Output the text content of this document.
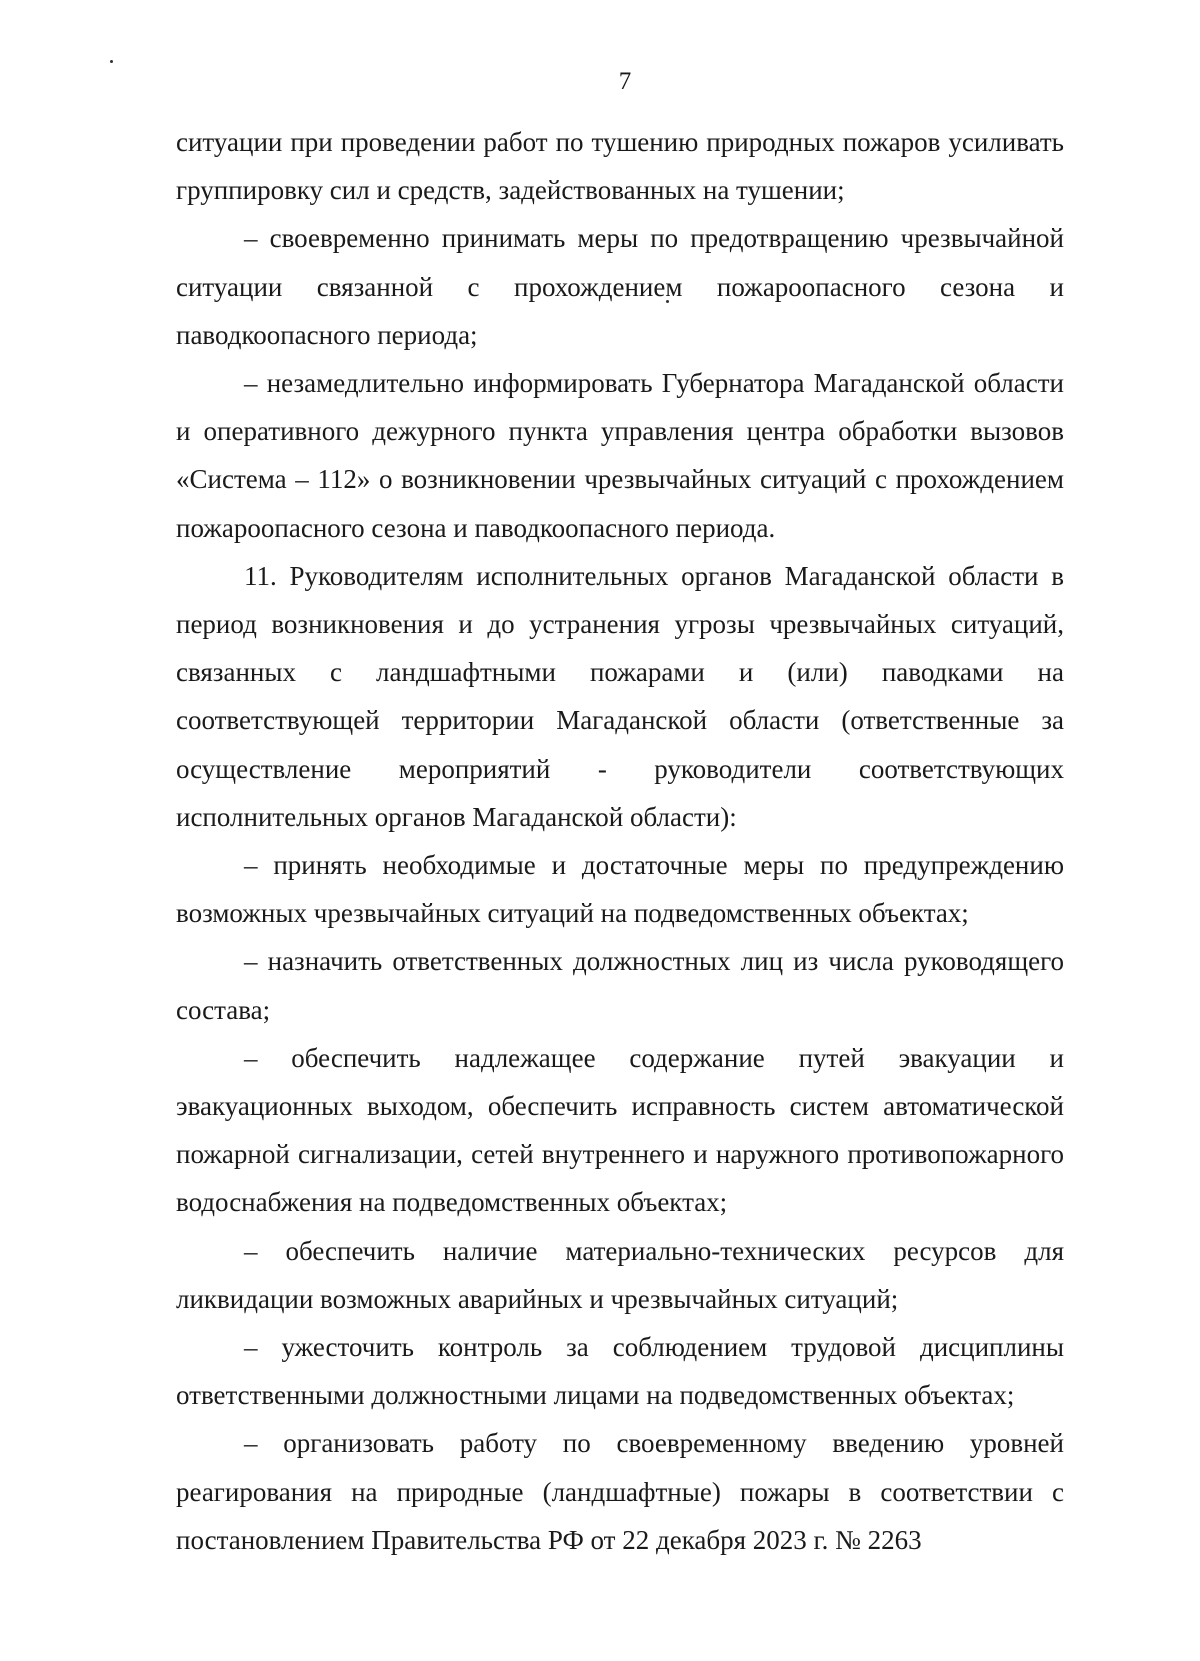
7

ситуации при проведении работ по тушению природных пожаров усиливать группировку сил и средств, задействованных на тушении;

– своевременно принимать меры по предотвращению чрезвычайной ситуации связанной с прохождением пожароопасного сезона и паводкоопасного периода;

– незамедлительно информировать Губернатора Магаданской области и оперативного дежурного пункта управления центра обработки вызовов «Система – 112» о возникновении чрезвычайных ситуаций с прохождением пожароопасного сезона и паводкоопасного периода.

11. Руководителям исполнительных органов Магаданской области в период возникновения и до устранения угрозы чрезвычайных ситуаций, связанных с ландшафтными пожарами и (или) паводками на соответствующей территории Магаданской области (ответственные за осуществление мероприятий - руководители соответствующих исполнительных органов Магаданской области):

– принять необходимые и достаточные меры по предупреждению возможных чрезвычайных ситуаций на подведомственных объектах;

– назначить ответственных должностных лиц из числа руководящего состава;

– обеспечить надлежащее содержание путей эвакуации и эвакуационных выходом, обеспечить исправность систем автоматической пожарной сигнализации, сетей внутреннего и наружного противопожарного водоснабжения на подведомственных объектах;

– обеспечить наличие материально-технических ресурсов для ликвидации возможных аварийных и чрезвычайных ситуаций;

– ужесточить контроль за соблюдением трудовой дисциплины ответственными должностными лицами на подведомственных объектах;

– организовать работу по своевременному введению уровней реагирования на природные (ландшафтные) пожары в соответствии с постановлением Правительства РФ от 22 декабря 2023 г. № 2263
